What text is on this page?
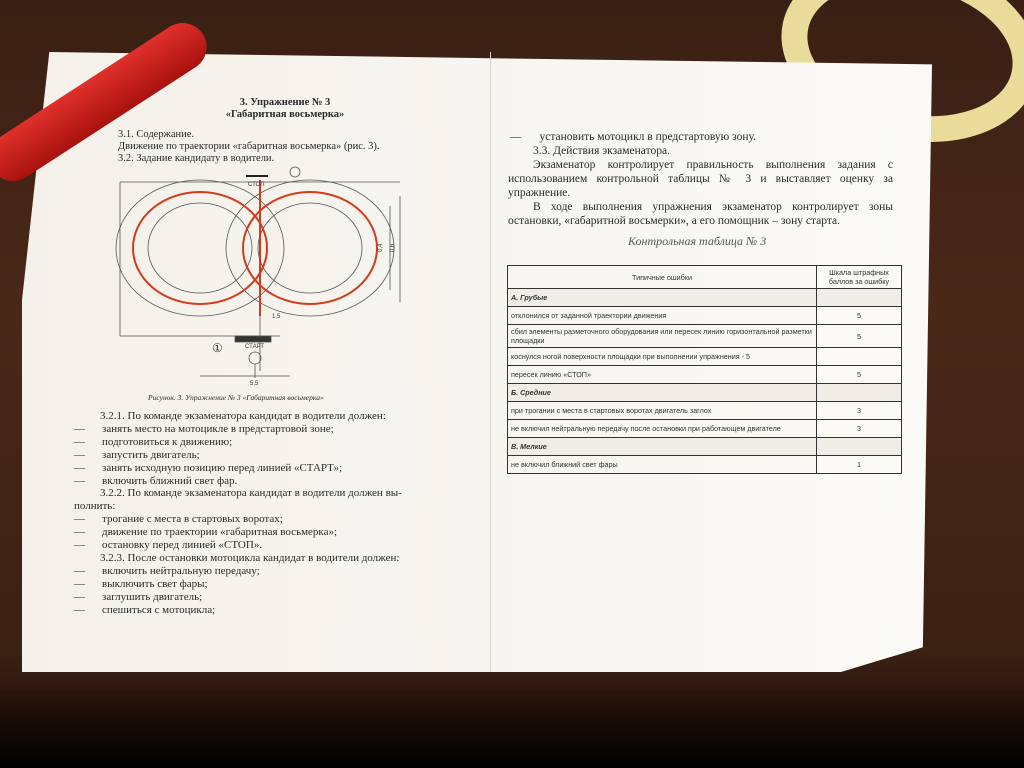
3. Упражнение № 3
«Габаритная восьмерка»
3.1. Содержание.
Движение по траектории «габаритная восьмерка» (рис. 3).
3.2. Задание кандидату в водители.
СТОП
СТАРТ
1,5
5,5
0,4 0,6
①
Рисунок. 3. Упражнение № 3 «Габаритная восьмерка»
3.2.1. По команде экзаменатора кандидат в водители должен:
— занять место на мотоцикле в предстартовой зоне;
— подготовиться к движению;
— запустить двигатель;
— занять исходную позицию перед линией «СТАРТ»;
— включить ближний свет фар.
3.2.2. По команде экзаменатора кандидат в водители должен вы-
полнить:
— трогание с места в стартовых воротах;
— движение по траектории «габаритная восьмерка»;
— остановку перед линией «СТОП».
3.2.3. После остановки мотоцикла кандидат в водители должен:
— включить нейтральную передачу;
— выключить свет фары;
— заглушить двигатель;
— спешиться с мотоцикла;
— установить мотоцикл в предстартовую зону.
3.3. Действия экзаменатора.
Экзаменатор контролирует правильность выполнения задания с использованием контрольной таблицы № 3 и выставляет оценку за упражнение.
В ходе выполнения упражнения экзаменатор контролирует зоны остановки, «габаритной восьмерки», а его помощник – зону старта.
Контрольная таблица № 3
Типичные ошибки	Шкала штрафных баллов за ошибку
А. Грубые	
отклонился от заданной траектории движения	5
сбил элементы разметочного оборудования или пересек линию горизонтальной разметки площадки	5
коснулся ногой поверхности площадки при выполнении упражнения - 5	
пересек линию «СТОП»	5
Б. Средние	
при трогании с места в стартовых воротах двигатель заглох	3
не включил нейтральную передачу после остановки при работающем двигателе	3
В. Мелкие	
не включил ближний свет фары	1
